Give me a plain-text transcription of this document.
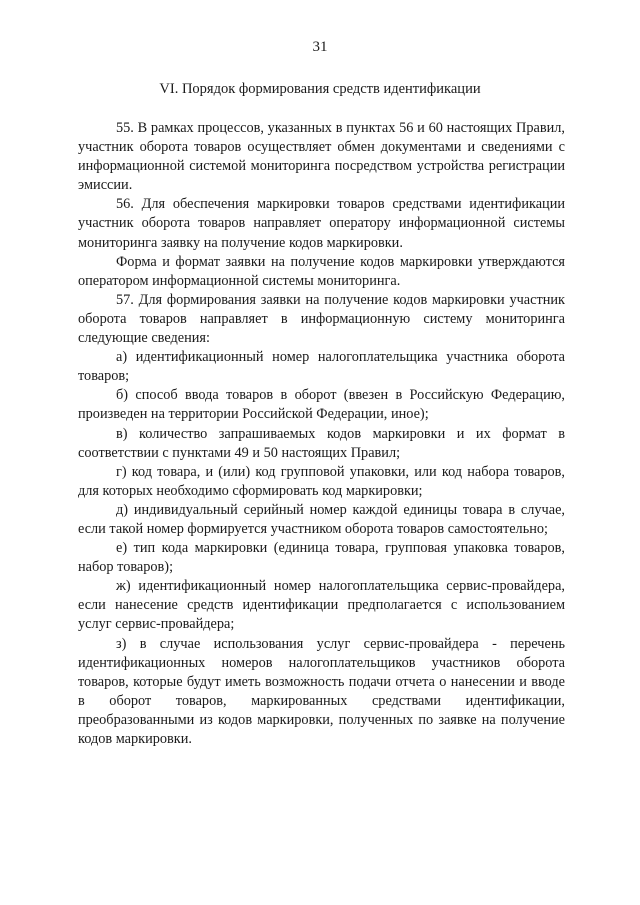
31
VI. Порядок формирования средств идентификации

55. В рамках процессов, указанных в пунктах 56 и 60 настоящих Правил, участник оборота товаров осуществляет обмен документами и сведениями с информационной системой мониторинга посредством устройства регистрации эмиссии.

56. Для обеспечения маркировки товаров средствами идентификации участник оборота товаров направляет оператору информационной системы мониторинга заявку на получение кодов маркировки.

Форма и формат заявки на получение кодов маркировки утверждаются оператором информационной системы мониторинга.

57. Для формирования заявки на получение кодов маркировки участник оборота товаров направляет в информационную систему мониторинга следующие сведения:

а) идентификационный номер налогоплательщика участника оборота товаров;

б) способ ввода товаров в оборот (ввезен в Российскую Федерацию, произведен на территории Российской Федерации, иное);

в) количество запрашиваемых кодов маркировки и их формат в соответствии с пунктами 49 и 50 настоящих Правил;

г) код товара, и (или) код групповой упаковки, или код набора товаров, для которых необходимо сформировать код маркировки;

д) индивидуальный серийный номер каждой единицы товара в случае, если такой номер формируется участником оборота товаров самостоятельно;

е) тип кода маркировки (единица товара, групповая упаковка товаров, набор товаров);

ж) идентификационный номер налогоплательщика сервис-провайдера, если нанесение средств идентификации предполагается с использованием услуг сервис-провайдера;

з) в случае использования услуг сервис-провайдера - перечень идентификационных номеров налогоплательщиков участников оборота товаров, которые будут иметь возможность подачи отчета о нанесении и вводе в оборот товаров, маркированных средствами идентификации, преобразованными из кодов маркировки, полученных по заявке на получение кодов маркировки.
